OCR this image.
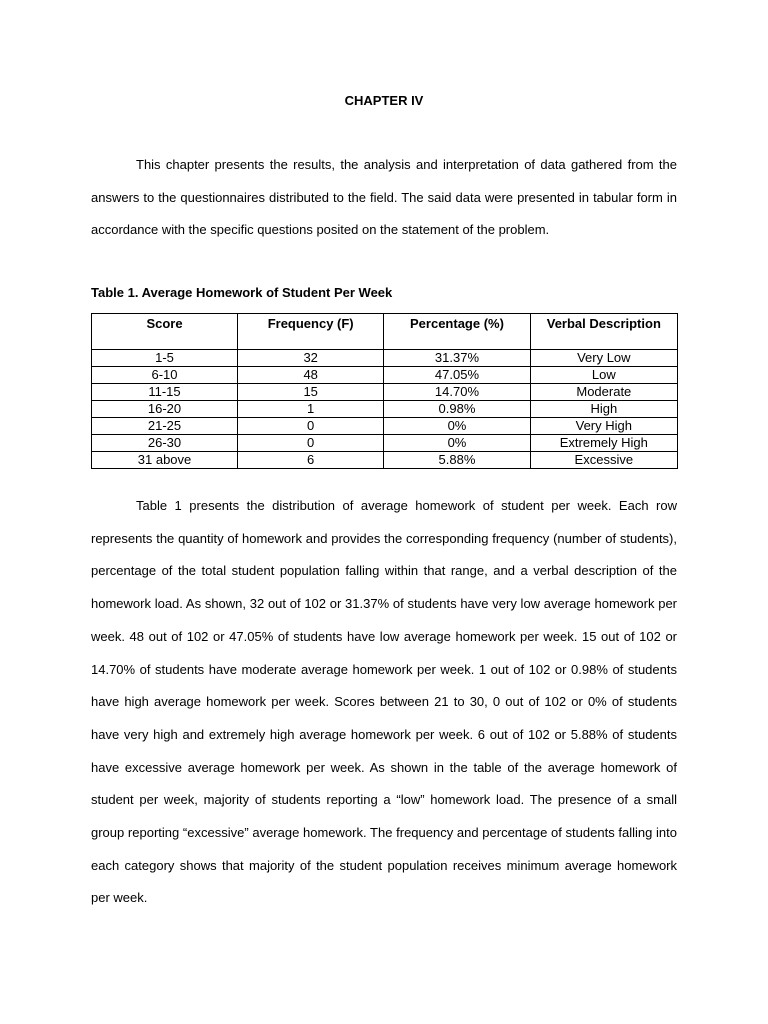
CHAPTER IV

This chapter presents the results, the analysis and interpretation of data gathered from the answers to the questionnaires distributed to the field. The said data were presented in tabular form in accordance with the specific questions posited on the statement of the problem.

Table 1. Average Homework of Student Per Week
Score	Frequency (F)	Percentage (%)	Verbal Description
1-5	32	31.37%	Very Low
6-10	48	47.05%	Low
11-15	15	14.70%	Moderate
16-20	1	0.98%	High
21-25	0	0%	Very High
26-30	0	0%	Extremely High
31 above	6	5.88%	Excessive

Table 1 presents the distribution of average homework of student per week. Each row represents the quantity of homework and provides the corresponding frequency (number of students), percentage of the total student population falling within that range, and a verbal description of the homework load. As shown, 32 out of 102 or 31.37% of students have very low average homework per week. 48 out of 102 or 47.05% of students have low average homework per week. 15 out of 102 or 14.70% of students have moderate average homework per week. 1 out of 102 or 0.98% of students have high average homework per week. Scores between 21 to 30, 0 out of 102 or 0% of students have very high and extremely high average homework per week. 6 out of 102 or 5.88% of students have excessive average homework per week. As shown in the table of the average homework of student per week, majority of students reporting a “low” homework load. The presence of a small group reporting “excessive” average homework. The frequency and percentage of students falling into each category shows that majority of the student population receives minimum average homework per week.
